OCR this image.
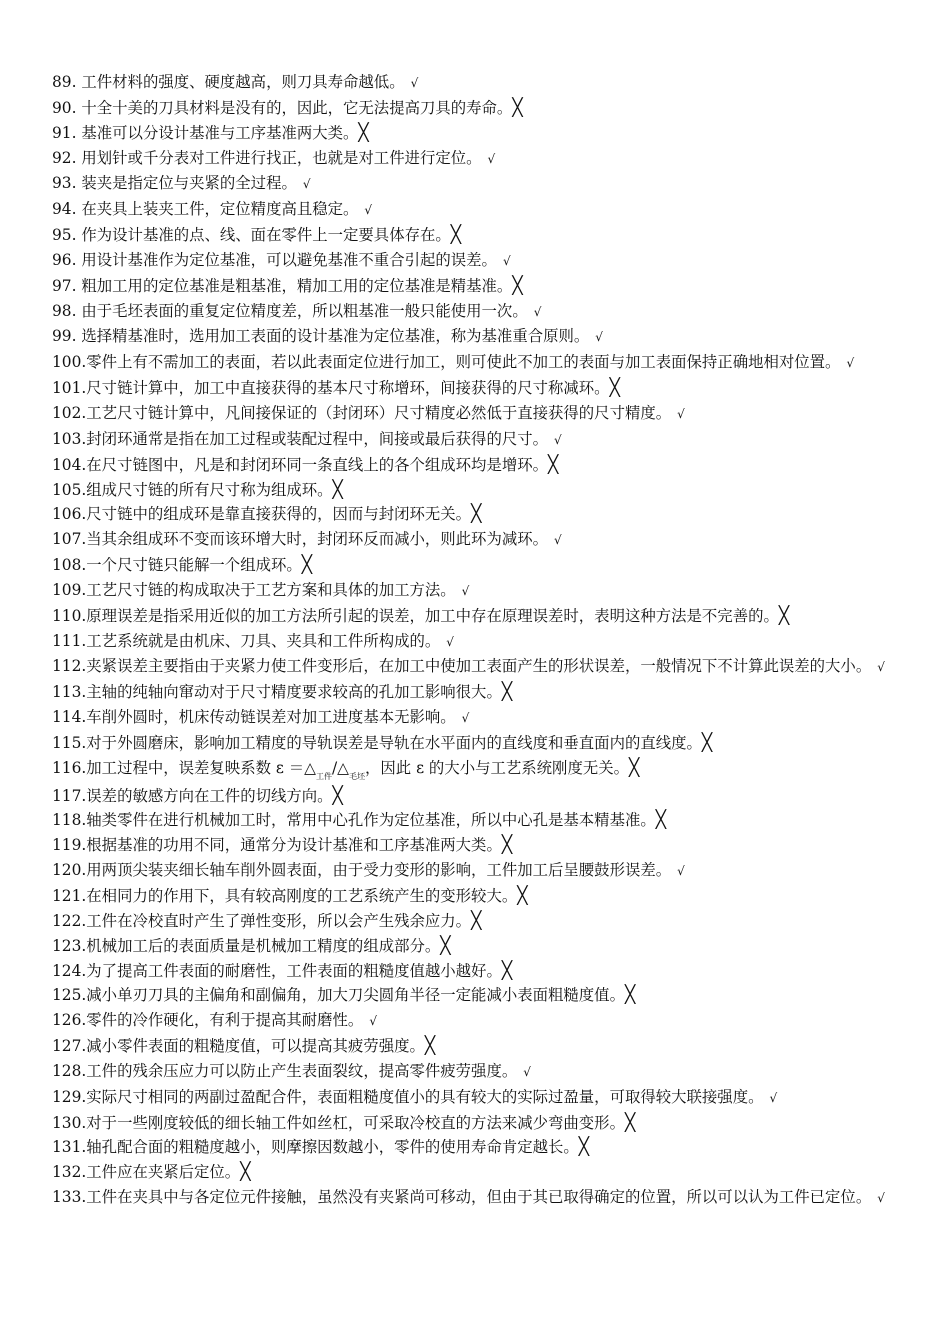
89. 工件材料的强度、硬度越高，则刀具寿命越低。 √

90. 十全十美的刀具材料是没有的，因此，它无法提高刀具的寿命。╳

91. 基准可以分设计基准与工序基准两大类。╳

92. 用划针或千分表对工件进行找正，也就是对工件进行定位。 √

93. 装夹是指定位与夹紧的全过程。 √

94. 在夹具上装夹工件，定位精度高且稳定。 √

95. 作为设计基准的点、线、面在零件上一定要具体存在。╳

96. 用设计基准作为定位基准，可以避免基准不重合引起的误差。 √

97. 粗加工用的定位基准是粗基准，精加工用的定位基准是精基准。╳

98. 由于毛坯表面的重复定位精度差，所以粗基准一般只能使用一次。 √

99. 选择精基准时，选用加工表面的设计基准为定位基准，称为基准重合原则。 √

100.零件上有不需加工的表面，若以此表面定位进行加工，则可使此不加工的表面与加工表面保持正确地相对位置。 √

101.尺寸链计算中，加工中直接获得的基本尺寸称增环，间接获得的尺寸称减环。╳

102.工艺尺寸链计算中，凡间接保证的（封闭环）尺寸精度必然低于直接获得的尺寸精度。 √

103.封闭环通常是指在加工过程或装配过程中，间接或最后获得的尺寸。 √

104.在尺寸链图中，凡是和封闭环同一条直线上的各个组成环均是增环。╳

105.组成尺寸链的所有尺寸称为组成环。╳

106.尺寸链中的组成环是靠直接获得的，因而与封闭环无关。╳

107.当其余组成环不变而该环增大时，封闭环反而减小，则此环为减环。 √

108.一个尺寸链只能解一个组成环。╳

109.工艺尺寸链的构成取决于工艺方案和具体的加工方法。 √

110.原理误差是指采用近似的加工方法所引起的误差，加工中存在原理误差时，表明这种方法是不完善的。╳

111.工艺系统就是由机床、刀具、夹具和工件所构成的。 √

112.夹紧误差主要指由于夹紧力使工件变形后，在加工中使加工表面产生的形状误差，一般情况下不计算此误差的大小。 √

113.主轴的纯轴向窜动对于尺寸精度要求较高的孔加工影响很大。╳

114.车削外圆时，机床传动链误差对加工进度基本无影响。 √

115.对于外圆磨床，影响加工精度的导轨误差是导轨在水平面内的直线度和垂直面内的直线度。╳

116.加工过程中，误差复映系数 $\varepsilon =\triangle_{工件}/\triangle_{毛坯}$，因此 ε 的大小与工艺系统刚度无关。╳

117.误差的敏感方向在工件的切线方向。╳

118.轴类零件在进行机械加工时，常用中心孔作为定位基准，所以中心孔是基本精基准。╳

119.根据基准的功用不同，通常分为设计基准和工序基准两大类。╳

120.用两顶尖装夹细长轴车削外圆表面，由于受力变形的影响，工件加工后呈腰鼓形误差。 √

121.在相同力的作用下，具有较高刚度的工艺系统产生的变形较大。╳

122.工件在冷校直时产生了弹性变形，所以会产生残余应力。╳

123.机械加工后的表面质量是机械加工精度的组成部分。╳

124.为了提高工件表面的耐磨性，工件表面的粗糙度值越小越好。╳

125.减小单刃刀具的主偏角和副偏角，加大刀尖圆角半径一定能减小表面粗糙度值。╳

126.零件的冷作硬化，有利于提高其耐磨性。 √

127.减小零件表面的粗糙度值，可以提高其疲劳强度。╳

128.工件的残余压应力可以防止产生表面裂纹，提高零件疲劳强度。 √

129.实际尺寸相同的两副过盈配合件，表面粗糙度值小的具有较大的实际过盈量，可取得较大联接强度。 √

130.对于一些刚度较低的细长轴工件如丝杠，可采取冷校直的方法来减少弯曲变形。╳

131.轴孔配合面的粗糙度越小，则摩擦因数越小，零件的使用寿命肯定越长。╳

132.工件应在夹紧后定位。╳

133.工件在夹具中与各定位元件接触，虽然没有夹紧尚可移动，但由于其已取得确定的位置，所以可以认为工件已定位。 √
